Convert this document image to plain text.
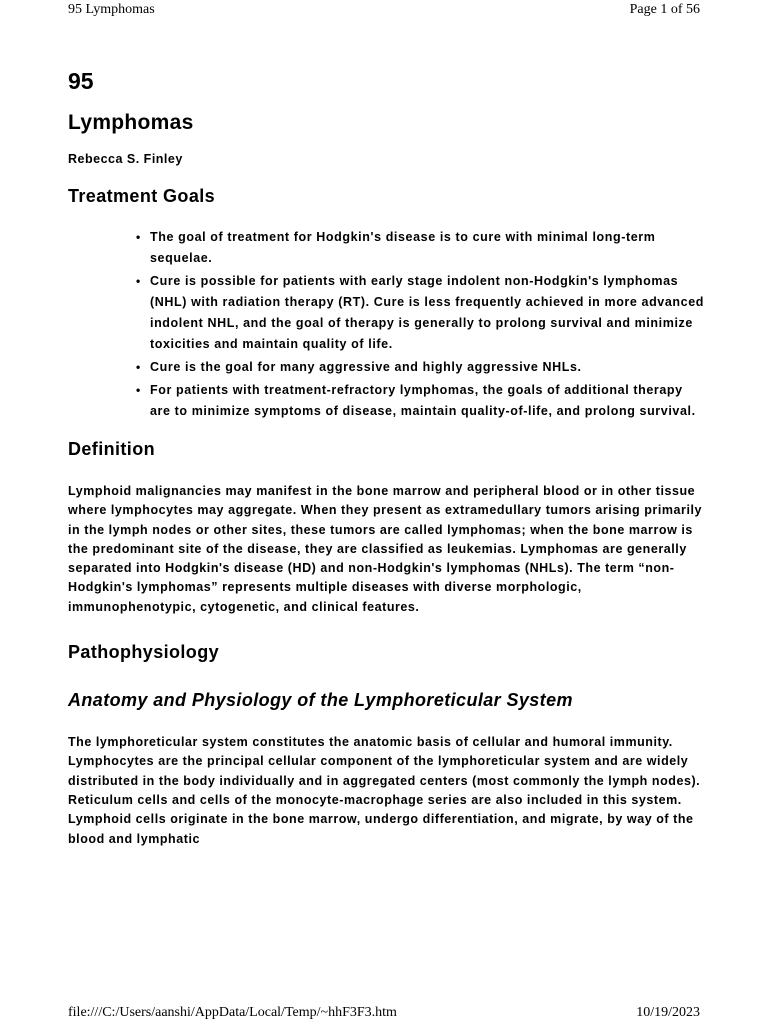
95 Lymphomas	Page 1 of 56
95
Lymphomas

Rebecca S. Finley

Treatment Goals
• The goal of treatment for Hodgkin's disease is to cure with minimal long-term sequelae.
• Cure is possible for patients with early stage indolent non-Hodgkin's lymphomas (NHL) with radiation therapy (RT). Cure is less frequently achieved in more advanced indolent NHL, and the goal of therapy is generally to prolong survival and minimize toxicities and maintain quality of life.
• Cure is the goal for many aggressive and highly aggressive NHLs.
• For patients with treatment-refractory lymphomas, the goals of additional therapy are to minimize symptoms of disease, maintain quality-of-life, and prolong survival.
Definition

Lymphoid malignancies may manifest in the bone marrow and peripheral blood or in other tissue where lymphocytes may aggregate. When they present as extramedullary tumors arising primarily in the lymph nodes or other sites, these tumors are called lymphomas; when the bone marrow is the predominant site of the disease, they are classified as leukemias. Lymphomas are generally separated into Hodgkin's disease (HD) and non-Hodgkin's lymphomas (NHLs). The term “non-Hodgkin's lymphomas” represents multiple diseases with diverse morphologic, immunophenotypic, cytogenetic, and clinical features.

Pathophysiology
Anatomy and Physiology of the Lymphoreticular System

The lymphoreticular system constitutes the anatomic basis of cellular and humoral immunity. Lymphocytes are the principal cellular component of the lymphoreticular system and are widely distributed in the body individually and in aggregated centers (most commonly the lymph nodes). Reticulum cells and cells of the monocyte-macrophage series are also included in this system. Lymphoid cells originate in the bone marrow, undergo differentiation, and migrate, by way of the blood and lymphatic

file:///C:/Users/aanshi/AppData/Local/Temp/~hhF3F3.htm	10/19/2023
